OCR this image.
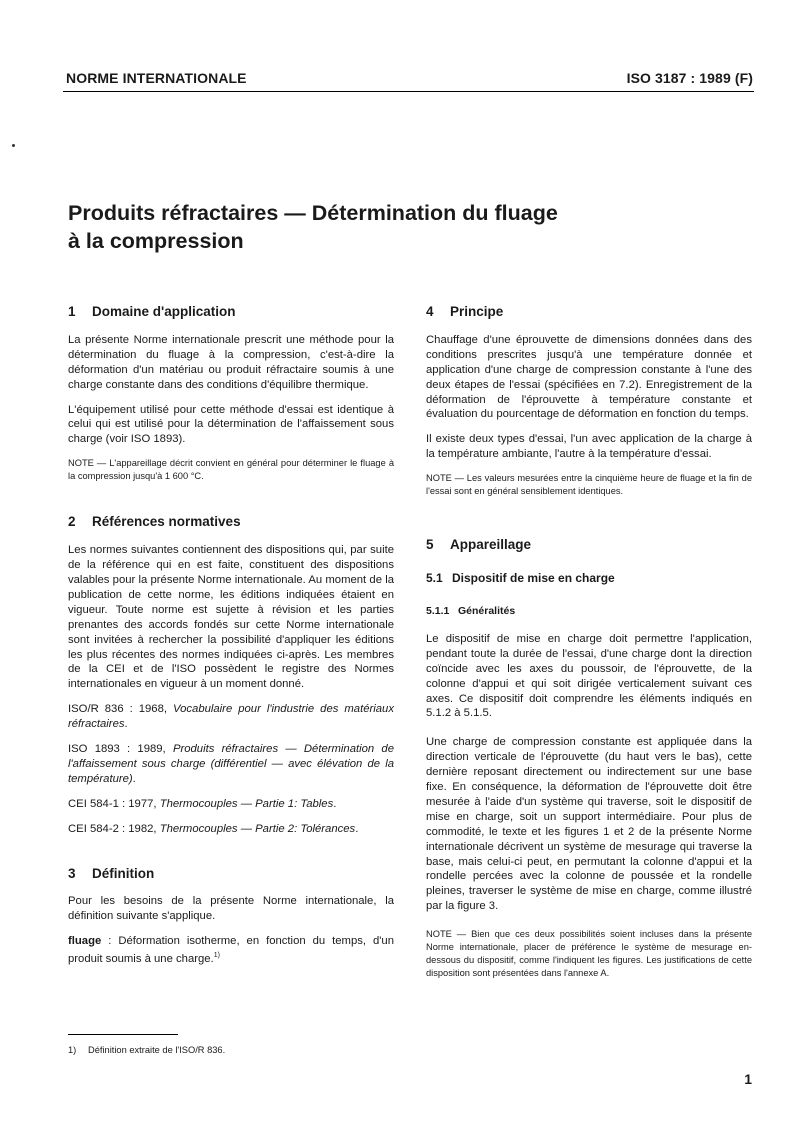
NORME INTERNATIONALE	ISO 3187 : 1989 (F)
Produits réfractaires — Détermination du fluage
à la compression
1 Domaine d'application

La présente Norme internationale prescrit une méthode pour la détermination du fluage à la compression, c'est-à-dire la déformation d'un matériau ou produit réfractaire soumis à une charge constante dans des conditions d'équilibre thermique.

L'équipement utilisé pour cette méthode d'essai est identique à celui qui est utilisé pour la détermination de l'affaissement sous charge (voir ISO 1893).

NOTE — L'appareillage décrit convient en général pour déterminer le fluage à la compression jusqu'à 1 600 °C.

2 Références normatives

Les normes suivantes contiennent des dispositions qui, par suite de la référence qui en est faite, constituent des dispositions valables pour la présente Norme internationale. Au moment de la publication de cette norme, les éditions indiquées étaient en vigueur. Toute norme est sujette à révision et les parties prenantes des accords fondés sur cette Norme internationale sont invitées à rechercher la possibilité d'appliquer les éditions les plus récentes des normes indiquées ci-après. Les membres de la CEI et de l'ISO possèdent le registre des Normes internationales en vigueur à un moment donné.

ISO/R 836 : 1968, Vocabulaire pour l'industrie des matériaux réfractaires.

ISO 1893 : 1989, Produits réfractaires — Détermination de l'affaissement sous charge (différentiel — avec élévation de la température).

CEI 584-1 : 1977, Thermocouples — Partie 1: Tables.

CEI 584-2 : 1982, Thermocouples — Partie 2: Tolérances.

3 Définition

Pour les besoins de la présente Norme internationale, la définition suivante s'applique.

fluage : Déformation isotherme, en fonction du temps, d'un produit soumis à une charge.$^{1)}$

1) Définition extraite de l'ISO/R 836.
4 Principe

Chauffage d'une éprouvette de dimensions données dans des conditions prescrites jusqu'à une température donnée et application d'une charge de compression constante à l'une des deux étapes de l'essai (spécifiées en 7.2). Enregistrement de la déformation de l'éprouvette à température constante et évaluation du pourcentage de déformation en fonction du temps.

Il existe deux types d'essai, l'un avec application de la charge à la température ambiante, l'autre à la température d'essai.

NOTE — Les valeurs mesurées entre la cinquième heure de fluage et la fin de l'essai sont en général sensiblement identiques.

5 Appareillage
5.1 Dispositif de mise en charge
5.1.1 Généralités

Le dispositif de mise en charge doit permettre l'application, pendant toute la durée de l'essai, d'une charge dont la direction coïncide avec les axes du poussoir, de l'éprouvette, de la colonne d'appui et qui soit dirigée verticalement suivant ces axes. Ce dispositif doit comprendre les éléments indiqués en 5.1.2 à 5.1.5.

Une charge de compression constante est appliquée dans la direction verticale de l'éprouvette (du haut vers le bas), cette dernière reposant directement ou indirectement sur une base fixe. En conséquence, la déformation de l'éprouvette doit être mesurée à l'aide d'un système qui traverse, soit le dispositif de mise en charge, soit un support intermédiaire. Pour plus de commodité, le texte et les figures 1 et 2 de la présente Norme internationale décrivent un système de mesurage qui traverse la base, mais celui-ci peut, en permutant la colonne d'appui et la rondelle percées avec la colonne de poussée et la rondelle pleines, traverser le système de mise en charge, comme illustré par la figure 3.

NOTE — Bien que ces deux possibilités soient incluses dans la présente Norme internationale, placer de préférence le système de mesurage en-dessous du dispositif, comme l'indiquent les figures. Les justifications de cette disposition sont présentées dans l'annexe A.

1
